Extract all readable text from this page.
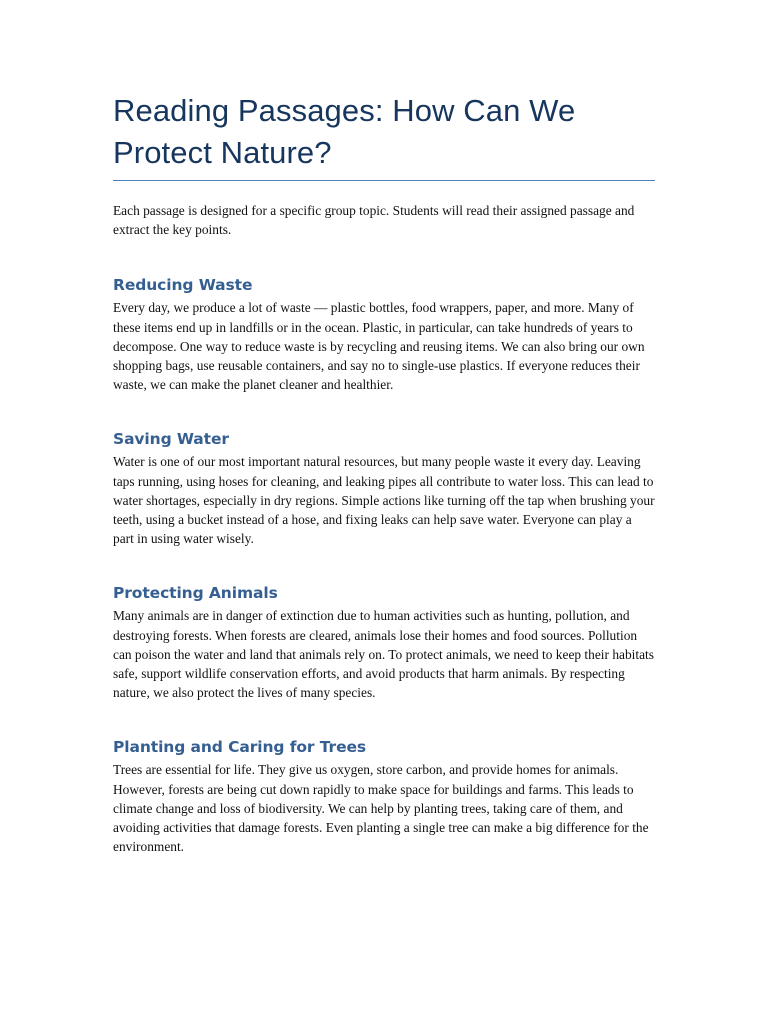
Reading Passages: How Can We Protect Nature?

Each passage is designed for a specific group topic. Students will read their assigned passage and extract the key points.

Reducing Waste

Every day, we produce a lot of waste — plastic bottles, food wrappers, paper, and more. Many of these items end up in landfills or in the ocean. Plastic, in particular, can take hundreds of years to decompose. One way to reduce waste is by recycling and reusing items. We can also bring our own shopping bags, use reusable containers, and say no to single-use plastics. If everyone reduces their waste, we can make the planet cleaner and healthier.

Saving Water

Water is one of our most important natural resources, but many people waste it every day. Leaving taps running, using hoses for cleaning, and leaking pipes all contribute to water loss. This can lead to water shortages, especially in dry regions. Simple actions like turning off the tap when brushing your teeth, using a bucket instead of a hose, and fixing leaks can help save water. Everyone can play a part in using water wisely.

Protecting Animals

Many animals are in danger of extinction due to human activities such as hunting, pollution, and destroying forests. When forests are cleared, animals lose their homes and food sources. Pollution can poison the water and land that animals rely on. To protect animals, we need to keep their habitats safe, support wildlife conservation efforts, and avoid products that harm animals. By respecting nature, we also protect the lives of many species.

Planting and Caring for Trees

Trees are essential for life. They give us oxygen, store carbon, and provide homes for animals. However, forests are being cut down rapidly to make space for buildings and farms. This leads to climate change and loss of biodiversity. We can help by planting trees, taking care of them, and avoiding activities that damage forests. Even planting a single tree can make a big difference for the environment.
